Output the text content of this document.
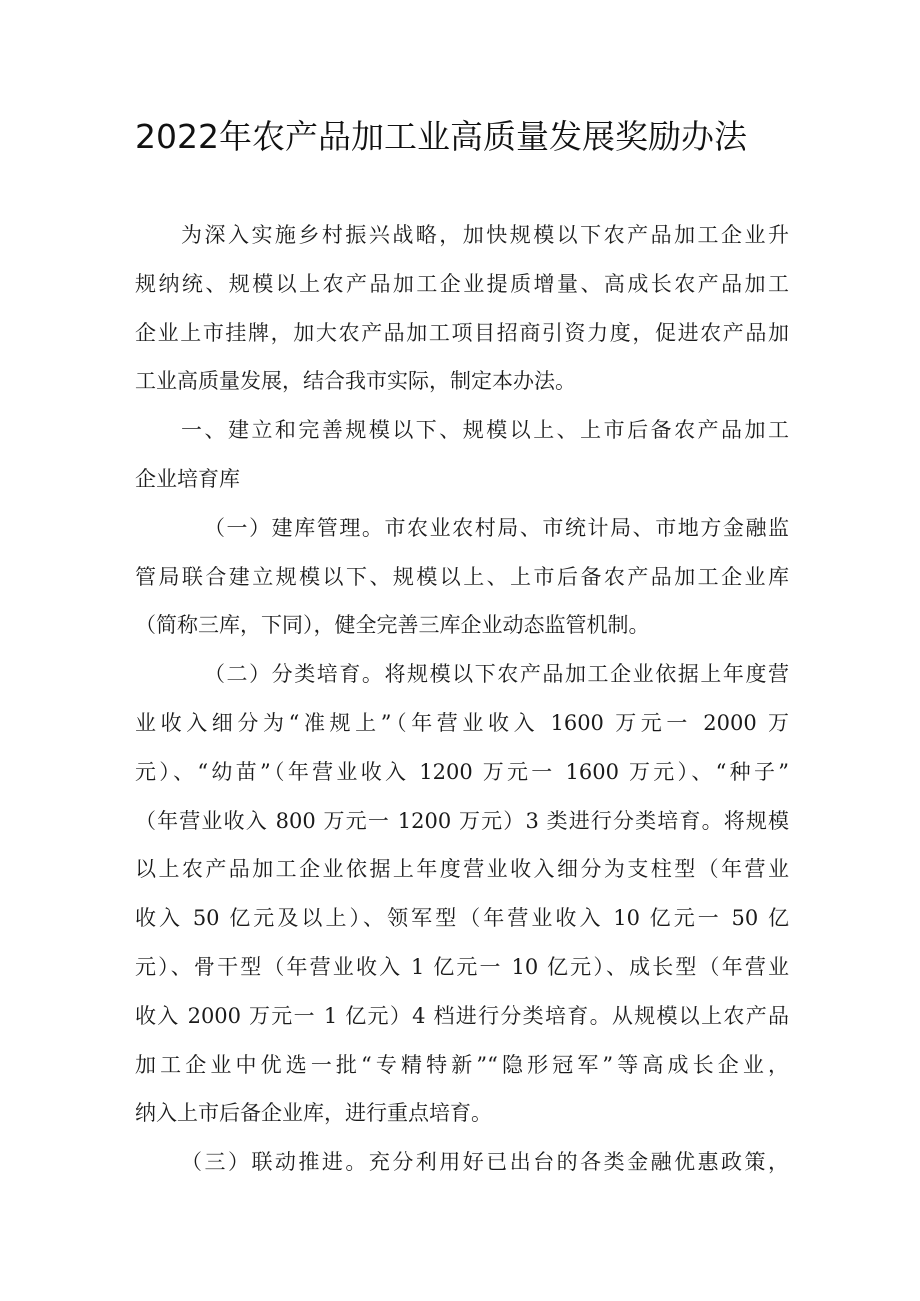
2022年农产品加工业高质量发展奖励办法
为深入实施乡村振兴战略，加快规模以下农产品加工企业升
规纳统、规模以上农产品加工企业提质增量、高成长农产品加工
企业上市挂牌，加大农产品加工项目招商引资力度，促进农产品加
工业高质量发展，结合我市实际，制定本办法。
一、建立和完善规模以下、规模以上、上市后备农产品加工
企业培育库
（一）建库管理。市农业农村局、市统计局、市地方金融监
管局联合建立规模以下、规模以上、上市后备农产品加工企业库
（简称三库，下同），健全完善三库企业动态监管机制。
（二）分类培育。将规模以下农产品加工企业依据上年度营
业收入细分为“准规上”（年营业收入 1600 万元一 2000 万
元）、“幼苗”（年营业收入 1200 万元一 1600 万元）、“种子”
（年营业收入 800 万元一 1200 万元）3 类进行分类培育。将规模
以上农产品加工企业依据上年度营业收入细分为支柱型（年营业
收入 50 亿元及以上）、领军型（年营业收入 10 亿元一 50 亿
元）、骨干型（年营业收入 1 亿元一 10 亿元）、成长型（年营业
收入 2000 万元一 1 亿元）4 档进行分类培育。从规模以上农产品
加工企业中优选一批“专精特新”“隐形冠军”等高成长企业，
纳入上市后备企业库，进行重点培育。
（三）联动推进。充分利用好已出台的各类金融优惠政策，
